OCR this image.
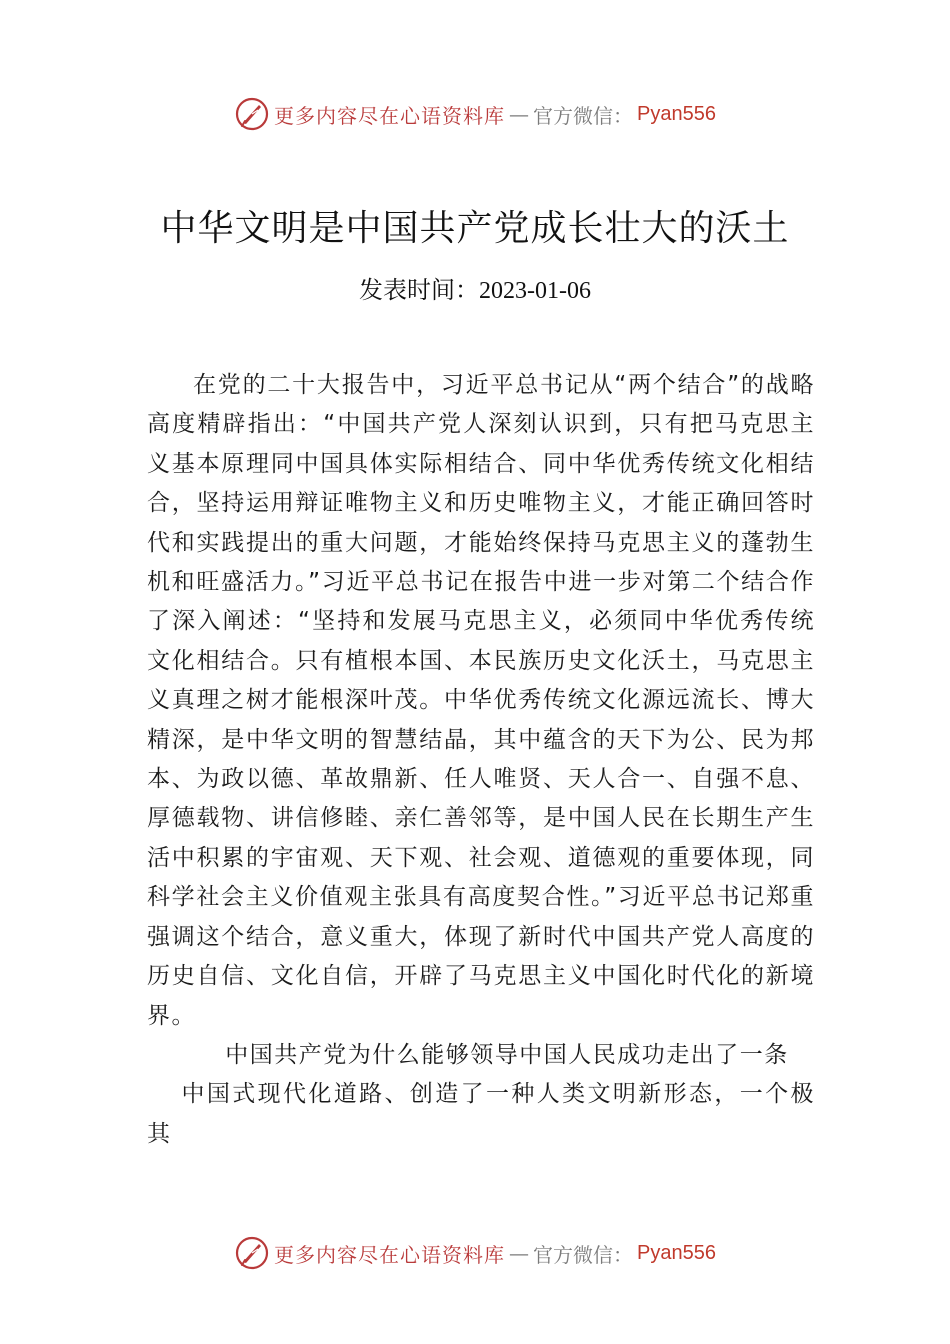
更多内容尽在心语资料库 — 官方微信： Pyan556
中华文明是中国共产党成长壮大的沃土
发表时间：2023-01-06

在党的二十大报告中，习近平总书记从“两个结合”的战略高度精辟指出：“中国共产党人深刻认识到，只有把马克思主义基本原理同中国具体实际相结合、同中华优秀传统文化相结合，坚持运用辩证唯物主义和历史唯物主义，才能正确回答时代和实践提出的重大问题，才能始终保持马克思主义的蓬勃生机和旺盛活力。”习近平总书记在报告中进一步对第二个结合作了深入阐述：“坚持和发展马克思主义，必须同中华优秀传统文化相结合。只有植根本国、本民族历史文化沃土，马克思主义真理之树才能根深叶茂。中华优秀传统文化源远流长、博大精深，是中华文明的智慧结晶，其中蕴含的天下为公、民为邦本、为政以德、革故鼎新、任人唯贤、天人合一、自强不息、厚德载物、讲信修睦、亲仁善邻等，是中国人民在长期生产生活中积累的宇宙观、天下观、社会观、道德观的重要体现，同科学社会主义价值观主张具有高度契合性。”习近平总书记郑重强调这个结合，意义重大，体现了新时代中国共产党人高度的历史自信、文化自信，开辟了马克思主义中国化时代化的新境界。

中国共产党为什么能够领导中国人民成功走出了一条
中国式现代化道路、创造了一种人类文明新形态，一个极其

更多内容尽在心语资料库 — 官方微信： Pyan556
